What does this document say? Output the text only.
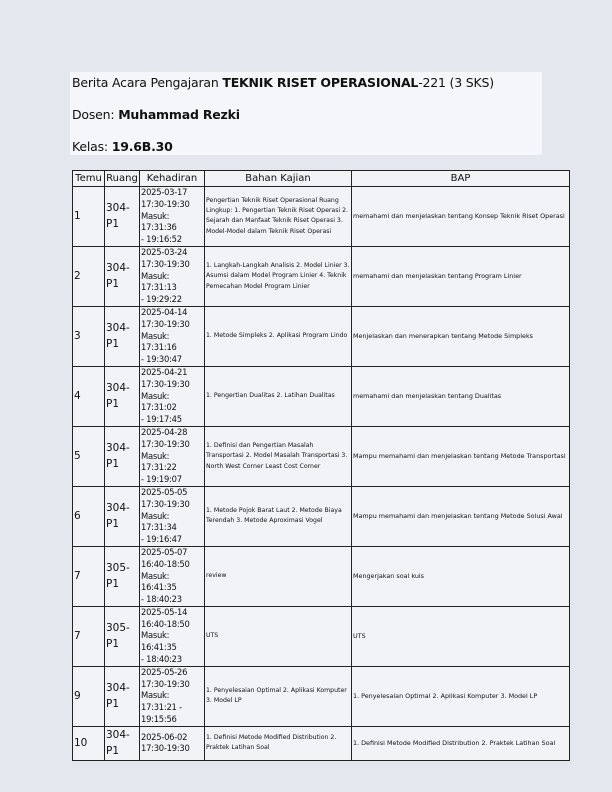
Berita Acara Pengajaran TEKNIK RISET OPERASIONAL-221 (3 SKS)
Dosen: Muhammad Rezki
Kelas: 19.6B.30
Temu	Ruang	Kehadiran	Bahan Kajian	BAP
1	304-P1	2025-03-17
17:30-19:30
Masuk: 17:31:36
- 19:16:52	Pengertian Teknik Riset Operasional Ruang Lingkup: 1. Pengertian Teknik Riset Operasi 2. Sejarah dan Manfaat Teknik Riset Operasi 3. Model-Model dalam Teknik Riset Operasi	memahami dan menjelaskan tentang Konsep Teknik Riset Operasi
2	304-P1	2025-03-24
17:30-19:30
Masuk: 17:31:13
- 19:29:22	1. Langkah-Langkah Analisis 2. Model Linier 3. Asumsi dalam Model Program Linier 4. Teknik Pemecahan Model Program Linier	memahami dan menjelaskan tentang Program Linier
3	304-P1	2025-04-14
17:30-19:30
Masuk: 17:31:16
- 19:30:47	1. Metode Simpleks 2. Aplikasi Program Lindo	Menjelaskan dan menerapkan tentang Metode Simpleks
4	304-P1	2025-04-21
17:30-19:30
Masuk: 17:31:02
- 19:17:45	1. Pengertian Dualitas 2. Latihan Dualitas	memahami dan menjelaskan tentang Dualitas
5	304-P1	2025-04-28
17:30-19:30
Masuk: 17:31:22
- 19:19:07	1. Definisi dan Pengertian Masalah Transportasi 2. Model Masalah Transportasi 3. North West Corner Least Cost Corner	Mampu memahami dan menjelaskan tentang Metode Transportasi
6	304-P1	2025-05-05
17:30-19:30
Masuk: 17:31:34
- 19:16:47	1. Metode Pojok Barat Laut 2. Metode Biaya Terendah 3. Metode Aproximasi Vogel	Mampu memahami dan menjelaskan tentang Metode Solusi Awal
7	305-P1	2025-05-07
16:40-18:50
Masuk: 16:41:35
- 18:40:23	review	Mengerjakan soal kuis
7	305-P1	2025-05-14
16:40-18:50
Masuk: 16:41:35
- 18:40:23	UTS	UTS
9	304-P1	2025-05-26
17:30-19:30
Masuk: 17:31:21 -
19:15:56	1. Penyelesaian Optimal 2. Aplikasi Komputer 3. Model LP	1. Penyelesaian Optimal 2. Aplikasi Komputer 3. Model LP
10	304-P1	2025-06-02
17:30-19:30	1. Definisi Metode Modified Distribution 2. Praktek Latihan Soal	1. Definisi Metode Modified Distribution 2. Praktek Latihan Soal
